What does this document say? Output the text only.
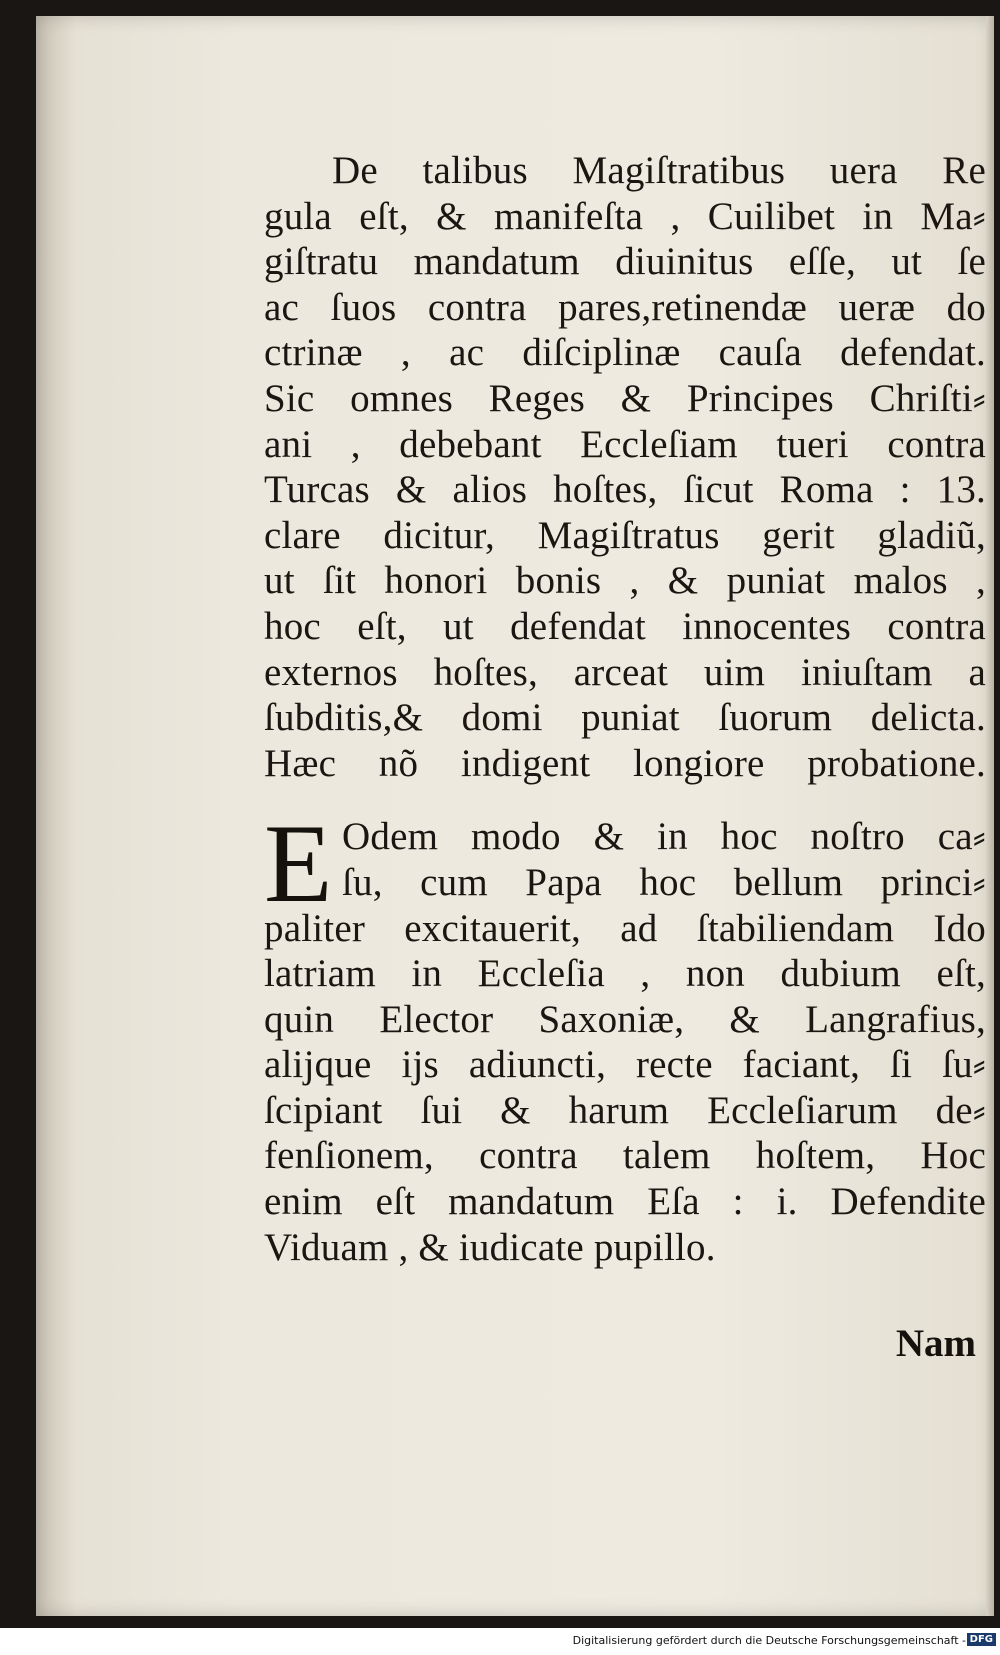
De talibus Magiſtratibus uera Re
gula eſt, & manifeſta , Cuilibet in Ma⸗
giſtratu mandatum diuinitus eſſe, ut ſe
ac ſuos contra pares,retinendæ ueræ do
ctrinæ , ac diſciplinæ cauſa defendat.
Sic omnes Reges & Principes Chriſti⸗
ani , debebant Eccleſiam tueri contra
Turcas & alios hoſtes, ſicut Roma : 13.
clare dicitur, Magiſtratus gerit gladiũ,
ut ſit honori bonis , & puniat malos ,
hoc eſt, ut defendat innocentes contra
externos hoſtes, arceat uim iniuſtam a
ſubditis,& domi puniat ſuorum delicta.
Hæc nõ indigent longiore probatione.
E Odem modo & in hoc noſtro ca⸗
ſu, cum Papa hoc bellum princi⸗
paliter excitauerit, ad ſtabiliendam Ido
latriam in Eccleſia , non dubium eſt,
quin Elector Saxoniæ, & Langrafius,
alijque ijs adiuncti, recte faciant, ſi ſu⸗
ſcipiant ſui & harum Eccleſiarum de⸗
fenſionem, contra talem hoſtem, Hoc
enim eſt mandatum Eſa : i. Defendite
Viduam , & iudicate pupillo.
Nam
Digitalisierung gefördert durch die Deutsche Forschungsgemeinschaft - DFG
